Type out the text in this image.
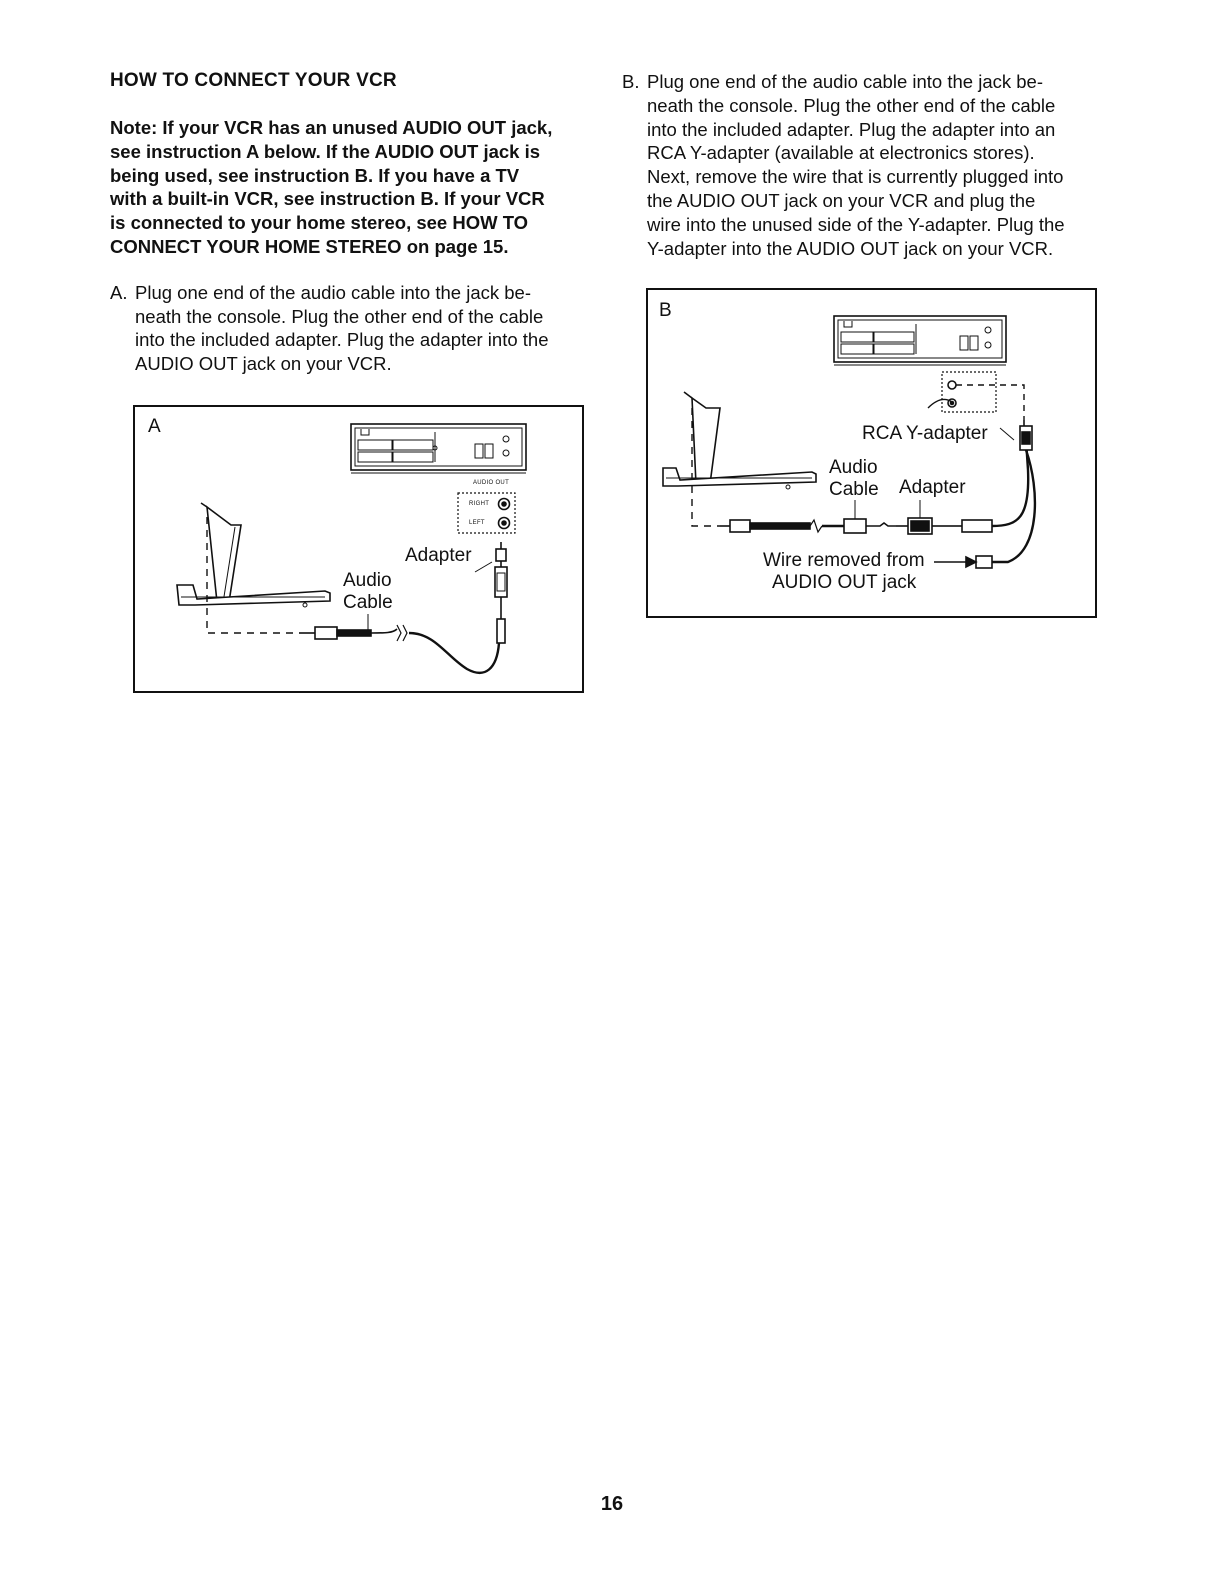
HOW TO CONNECT YOUR VCR
Note: If your VCR has an unused AUDIO OUT jack,
see instruction A below. If the AUDIO OUT jack is
being used, see instruction B. If you have a TV
with a built-in VCR, see instruction B. If your VCR
is connected to your home stereo, see HOW TO
CONNECT YOUR HOME STEREO on page 15.
A. Plug one end of the audio cable into the jack be-
neath the console. Plug the other end of the cable
into the included adapter. Plug the adapter into the
AUDIO OUT jack on your VCR.
B. Plug one end of the audio cable into the jack be-
neath the console. Plug the other end of the cable
into the included adapter. Plug the adapter into an
RCA Y-adapter (available at electronics stores).
Next, remove the wire that is currently plugged into
the AUDIO OUT jack on your VCR and plug the
wire into the unused side of the Y-adapter. Plug the
Y-adapter into the AUDIO OUT jack on your VCR.
A
AUDIO OUT
RIGHT
LEFT
Adapter
Audio
Cable
B
RCA Y-adapter
Audio
Cable Adapter
Wire removed from
AUDIO OUT jack
16
